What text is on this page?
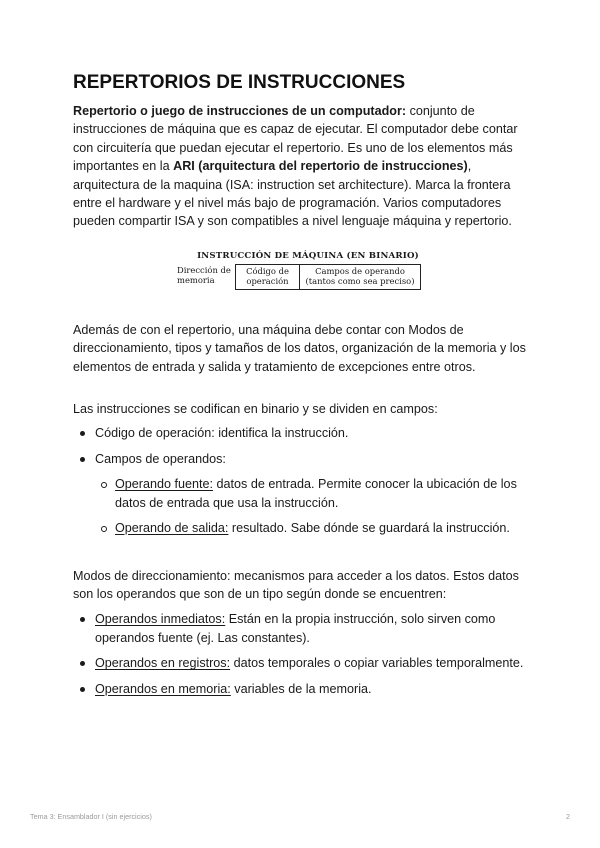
REPERTORIOS DE INSTRUCCIONES

Repertorio o juego de instrucciones de un computador: conjunto de instrucciones de máquina que es capaz de ejecutar. El computador debe contar con circuitería que puedan ejecutar el repertorio. Es uno de los elementos más importantes en la ARI (arquitectura del repertorio de instrucciones), arquitectura de la maquina (ISA: instruction set architecture). Marca la frontera entre el hardware y el nivel más bajo de programación. Varios computadores pueden compartir ISA y son compatibles a nivel lenguaje máquina y repertorio.

INSTRUCCIÓN DE MÁQUINA (EN BINARIO)
Dirección de
memoria
Código de
operación
Campos de operando
(tantos como sea preciso)

Además de con el repertorio, una máquina debe contar con Modos de direccionamiento, tipos y tamaños de los datos, organización de la memoria y los elementos de entrada y salida y tratamiento de excepciones entre otros.

Las instrucciones se codifican en binario y se dividen en campos:

Código de operación: identifica la instrucción.
Campos de operandos:
Operando fuente: datos de entrada. Permite conocer la ubicación de los datos de entrada que usa la instrucción.
Operando de salida: resultado. Sabe dónde se guardará la instrucción.

Modos de direccionamiento: mecanismos para acceder a los datos. Estos datos son los operandos que son de un tipo según donde se encuentren:

Operandos inmediatos: Están en la propia instrucción, solo sirven como operandos fuente (ej. Las constantes).
Operandos en registros: datos temporales o copiar variables temporalmente.
Operandos en memoria: variables de la memoria.
Tema 3: Ensamblador I (sin ejercicios)	2
